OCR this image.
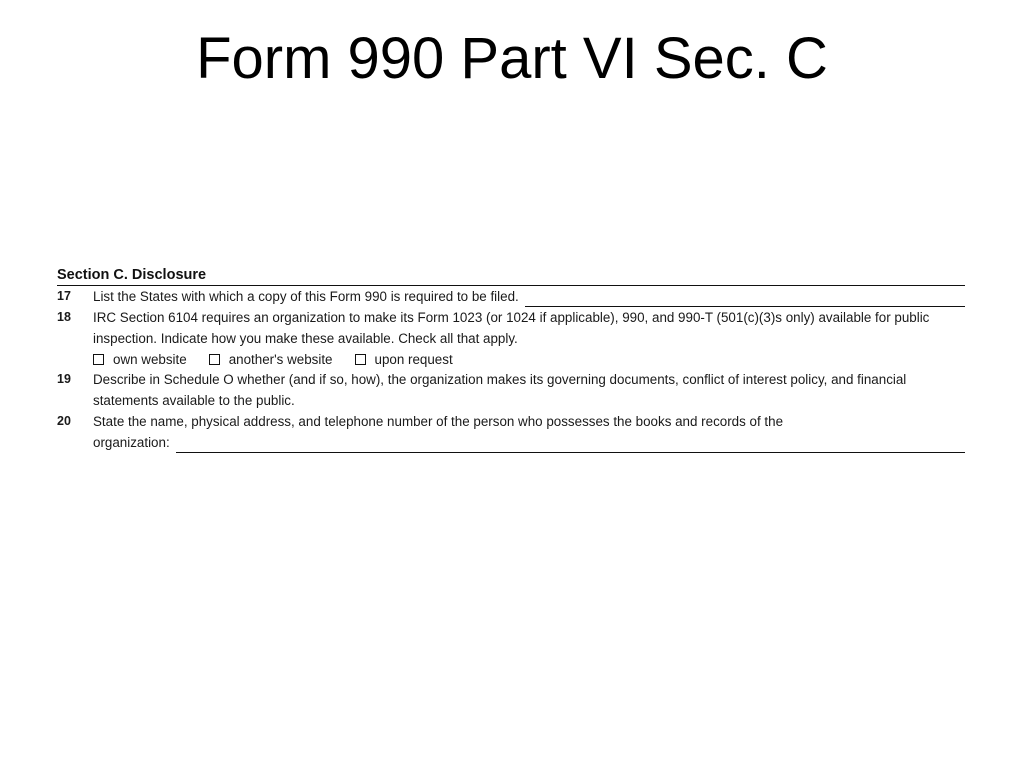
Form 990 Part VI Sec. C
Section C. Disclosure
17	List the States with which a copy of this Form 990 is required to be filed.
18	IRC Section 6104 requires an organization to make its Form 1023 (or 1024 if applicable), 990, and 990-T (501(c)(3)s only) available for public inspection. Indicate how you make these available. Check all that apply.
own website	another's website	upon request
19	Describe in Schedule O whether (and if so, how), the organization makes its governing documents, conflict of interest policy, and financial statements available to the public.
20	State the name, physical address, and telephone number of the person who possesses the books and records of the
organization:
